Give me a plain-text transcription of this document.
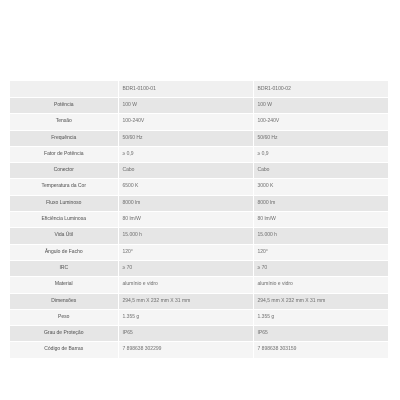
	BDR1-0100-01	BDR1-0100-02
Potência	100 W	100 W
Tensão	100-240V	100-240V
Frequência	50/60 Hz	50/60 Hz
Fator de Potência	≥ 0,9	≥ 0,9
Conector	Cabo	Cabo
Temperatura da Cor	6500 K	3000 K
Fluxo Luminoso	8000 lm	8000 lm
Eficiência Luminosa	80 lm/W	80 lm/W
Vida Útil	15.000 h	15.000 h
Ângulo de Facho	120°	120°
IRC	≥ 70	≥ 70
Material	alumínio e vidro	alumínio e vidro
Dimensões	294,5 mm X 232 mm X 31 mm	294,5 mm X 232 mm X 31 mm
Peso	1.355 g	1.355 g
Grau de Proteção	IP65	IP65
Código de Barras	7 898638 302299	7 898638 303159
